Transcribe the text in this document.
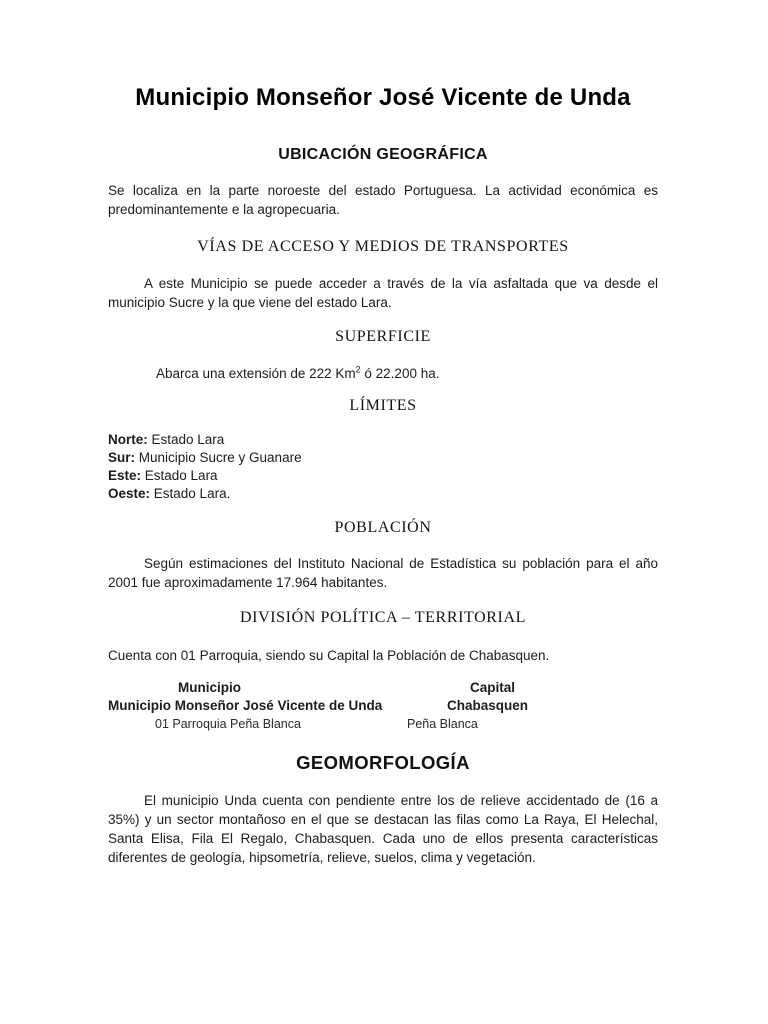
Municipio Monseñor José Vicente de Unda
UBICACIÓN GEOGRÁFICA
Se localiza en la parte noroeste del estado Portuguesa. La actividad económica es predominantemente e la agropecuaria.
VÍAS DE ACCESO Y MEDIOS DE TRANSPORTES
A este Municipio se puede acceder a través de la vía asfaltada que va desde el municipio Sucre y la que viene del estado Lara.
SUPERFICIE
Abarca una extensión de 222 Km$^2$ ó 22.200 ha.
LÍMITES
Norte: Estado Lara
Sur: Municipio Sucre y Guanare
Este: Estado Lara
Oeste: Estado Lara.
POBLACIÓN
Según estimaciones del Instituto Nacional de Estadística su población para el año 2001 fue aproximadamente 17.964 habitantes.
DIVISIÓN POLÍTICA – TERRITORIAL
Cuenta con 01 Parroquia, siendo su Capital la Población de Chabasquen.
Municipio	Capital
Municipio Monseñor José Vicente de Unda	Chabasquen
01 Parroquia Peña Blanca	Peña Blanca
GEOMORFOLOGÍA
El municipio Unda cuenta con pendiente entre los de relieve accidentado de (16 a 35%) y un sector montañoso en el que se destacan las filas como La Raya, El Helechal, Santa Elisa, Fila El Regalo, Chabasquen. Cada uno de ellos presenta características diferentes de geología, hipsometría, relieve, suelos, clima y vegetación.
